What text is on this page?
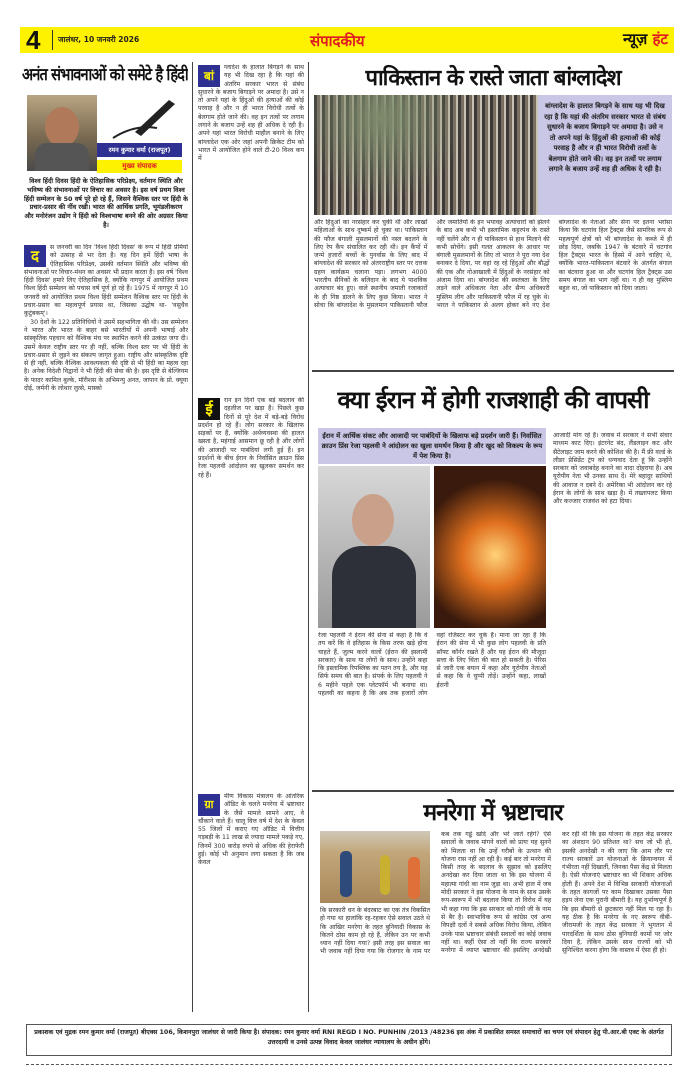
4 जालंधर, 10 जनवरी 2026	संपादकीय	न्यूज़ हंट
अनंत संभावनाओं को समेटे है हिंदी
रमन कुमार वर्मा (राजपूत)
मुख्य संपादक
विश्व हिंदी दिवस हिंदी के ऐतिहासिक परिप्रेक्ष्य, वर्तमान स्थिति और भविष्य की संभावनाओं पर विचार का अवसर है। इस वर्ष प्रथम विश्व हिंदी सम्मेलन के 50 वर्ष पूरे हो रहे हैं, जिसने वैश्विक स्तर पर हिंदी के प्रचार-प्रसार की नींव रखी। भारत की आर्थिक प्रगति, भूमंडलीकरण और मनोरंजन उद्योग ने हिंदी को विश्वभाषा बनने की ओर अग्रसर किया है।
द	स जनवरी का दिन 'विश्व हिंदी दिवस' के रूप में हिंदी प्रेमियों को उत्साह से भर देता है। यह दिन हमें हिंदी भाषा के ऐतिहासिक परिप्रेक्ष्य, उसकी वर्तमान स्थिति और भविष्य की संभावनाओं पर विचार-मंथन का अवसर भी प्रदान करता है। इस वर्ष 'विश्व हिंदी दिवस' हमारे लिए ऐतिहासिक है, क्योंकि नागपुर में आयोजित प्रथम विश्व हिंदी सम्मेलन को पचास वर्ष पूर्ण हो रहे हैं। 1975 में नागपुर में 10 जनवरी को आयोजित प्रथम विश्व हिंदी सम्मेलन वैश्विक स्तर पर हिंदी के प्रचार-प्रसार का महत्वपूर्ण प्रयास था, जिसका उद्घोष था- 'वसुधैव कुटुंबकम्'।
30 देशों के 122 प्रतिनिधियों ने उसमें सहभागिता की थी। उस सम्मेलन ने भारत और भारत के बाहर बसे भारतीयों में अपनी भाषाई और सांस्कृतिक पहचान को वैश्विक मंच पर स्थापित करने की उत्कंठा जगा दी। उसमें केवल राष्ट्रीय स्तर पर ही नहीं, बल्कि विश्व स्तर पर भी हिंदी के प्रचार-प्रसार से जुड़ने का संकल्प जागृत हुआ। राष्ट्रीय और सांस्कृतिक दृष्टि से ही नहीं, बल्कि वैश्विक आवश्यकता की दृष्टि से भी हिंदी का महत्व रहा है। अनेक विदेशी विद्वानों ने भी हिंदी की सेवा की है। इस दृष्टि से बेल्जियम के फादर कामिल बुल्के, मॉरीशस के अभिमन्यु अनत, जापान के प्रो. क्यूया दोई, जर्मनी के लोथार लुत्से, मास्को
बां
ग्लादेश के हालात बिगड़ने के साथ यह भी दिख रहा है कि यहां की अंतरिम सरकार भारत से संबंध सुधारने के बजाय बिगाड़ने पर अमादा है। उसे न तो अपने यहां के हिंदुओं की हत्याओं की कोई परवाह है और न ही भारत विरोधी तत्वों के बेलगाम होते जाने की। वह इन तत्वों पर लगाम लगाने के बजाय उन्हें शह ही अधिक दे रही है। अपने यहां भारत विरोधी माहौल बनाने के लिए बांग्लादेश एक ओर जहां अपनी क्रिकेट टीम को भारत में आयोजित होने वाले टी-20 विश्व कप में
ई	रान इन दिनों एक बड़े बदलाव की दहलीज पर खड़ा है। पिछले कुछ दिनों से पूरे देश में बड़े-बड़े विरोध प्रदर्शन हो रहे हैं। लोग सरकार के खिलाफ सड़कों पर हैं, क्योंकि अर्थव्यवस्था की हालत खस्ता है, महंगाई आसमान छू रही है और लोगों की आजादी पर पाबंदियां लगी हुई हैं। इन प्रदर्शनों के बीच ईरान के निर्वासित क्राउन प्रिंस रेजा पहलवी आंदोलन का खुलकर समर्थन कर रहे हैं।
ग्रा
मीण विकास मंत्रालय के आंतरिक ऑडिट के चलते मनरेगा में भ्रष्टाचार के जैसे मामले सामने आए, वे चौंकाने वाले हैं। चालू वित्त वर्ष में देश के केवल 55 जिलों में कराए गए ऑडिट में वित्तीय गड़बड़ी के 11 लाख से ज्यादा मामले पकड़े गए, जिनमें 300 करोड़ रुपये से अधिक की हेराफेरी हुई। कोई भी अनुमान लगा सकता है कि जब केवल
पाकिस्तान के रास्ते जाता बांग्लादेश
बांग्लादेश के हालात बिगड़ने के साथ यह भी दिख रहा है कि यहां की अंतरिम सरकार भारत से संबंध सुधारने के बजाय बिगाड़ने पर अमादा है। उसे न तो अपने यहां के हिंदुओं की हत्याओं की कोई परवाह है और न ही भारत विरोधी तत्वों के बेलगाम होते जाने की। वह इन तत्वों पर लगाम लगाने के बजाय उन्हें शह ही अधिक दे रही है।
और हिंदुओं का नरसंहार कर चुकी थी और लाखों महिलाओं के साथ दुष्कर्म हो चुका था। पाकिस्तान की फौज बंगाली मुसलमानों की नस्ल बदलने के लिए रेप कैंप संचालित कर रही थी। इन कैंपों में जन्मे हजारों बच्चों के पुनर्वास के लिए बाद में बांग्लादेश की सरकार को अंतरराष्ट्रीय स्तर पर दत्तक ग्रहण कार्यक्रम चलाना पड़ा। लगभग 4000 भारतीय सैनिकों के बलिदान के बाद ये पाशविक अत्याचार बंद हुए। वाले स्थानीय जमाती रजाकारों के ही निष्ठ डालने के लिए कुछ किया। भारत ने सोचा कि बांग्लादेश के मुसलमान पाकिस्तानी फौज और जमातियों के इन भयावह अत्याचारों को झेलने के बाद अब कभी भी इस्लामिक कट्टरपंथ के रास्ते नहीं चलेंगे और न ही पाकिस्तान से हाथ मिलाने की कभी सोचेंगे। इसी गलत आकलन के आधार पर बंगाली मुसलमानों के लिए तो भारत ने पूरा नया देश बनाकर दे दिया, पर वहां रह रहे हिंदुओं और बौद्धों की एक और नोआखाली में हिंदुओं के नरसंहार को अंजाम दिया था। बांग्लादेश की स्वतंत्रता के लिए लड़ने वाले अधिकतर नेता और सैन्य अधिकारी मुस्लिम लीग और पाकिस्तानी फौज में रह चुके थे। भारत ने पाकिस्तान से अलग होकर बने नए देश बांग्लादेश के नेताओं और सेना पर इतना भरोसा किया कि चटगांव हिल ट्रैक्ट्स जैसे सामरिक रूप से महत्वपूर्ण क्षेत्रों को भी बांग्लादेश के कब्जे में ही छोड़ दिया, जबकि 1947 के बंटवारे में चटगांव हिल ट्रैक्ट्स भारत के हिस्से में आने चाहिए थे, क्योंकि भारत-पाकिस्तान बंटवारे के अंतर्गत बंगाल का बंटवारा हुआ था और चटगांव हिल ट्रैक्ट्स उस समय बंगाल का भाग नहीं था। न ही वह मुस्लिम बहुल था, जो पाकिस्तान को दिया जाता।
क्या ईरान में होगी राजशाही की वापसी
ईरान में आर्थिक संकट और आजादी पर पाबंदियों के खिलाफ बड़े प्रदर्शन जारी हैं। निर्वासित क्राउन प्रिंस रेजा पहलवी ने आंदोलन का खुला समर्थन किया है और खुद को विकल्प के रूप में पेश किया है।
रेजा पहलवी ने ईरान की सेना से कहा है कि वे तय करें कि वे इतिहास के किस तरफ खड़े होना चाहते हैं, जुल्म करने वालों (ईरान की इस्लामी सरकार) के साथ या लोगों के साथ। उन्होंने कहा कि इस्लामिक रिपब्लिक का पतन तय है, और यह सिर्फ समय की बात है। संपर्क के लिए पहलवी ने 6 महीने पहले एक प्लेटफॉर्म भी बनाया था। पहलवी का कहना है कि अब तक हजारों लोग वहां रजिस्टर कर चुके हैं। माना जा रहा है कि ईरान की सेना में भी कुछ लोग पहलवी के प्रति सॉफ्ट कॉर्नर रखते हैं और यह ईरान की मौजूदा सत्ता के लिए चिंता की बात हो सकती है। पेरिस से जारी एक बयान में कहा और यूरोपीय नेताओं से कहा कि वे चुप्पी तोड़ें। उन्होंने कहा, लाखों ईरानी
आजादी मांग रहे हैं। जवाब में सरकार ने सभी संचार माध्यम काट दिए। इंटरनेट बंद, लैंडलाइन कट और सैटेलाइट जाम करने की कोशिश की है। मैं फ्री वर्ल्ड के लीडर प्रेसिडेंट ट्रंप को धन्यवाद देता हूं कि उन्होंने सरकार को जवाबदेह बनाने का वादा दोहराया है। अब यूरोपीय नेता भी उनका साथ दें। मेरे बहादुर साथियों की आवाज न दबने दें। अमेरिका भी आंदोलन कर रहे ईरान के लोगों के साथ खड़ा है। में तख्तापलट किया और कज्जार राजवंश को हटा दिया।
मनरेगा में भ्रष्टाचार
कि सरकारी धन के बंदरबाट का एक तंत्र विकसित हो गया था हालांकि रह-रहकर ऐसे सवाल उठते थे कि आखिर मनरेगा के तहत बुनियादी विकास के कितने ठोस काम हो रहे हैं, लेकिन उन पर कभी ध्यान नहीं दिया गया? इसी तरह इस सवाल का भी जवाब नहीं दिया गया कि रोजगार के नाम पर कब तक गड्ढे खोदे और भरे जाते रहेंगे? ऐसे सवालों के जवाब मांगने वालों को प्रायः यह सुनने को मिलता था कि उन्हें गरीबों के उत्थान की योजना रास नहीं आ रही है। कई बार तो मनरेगा में किसी तरह के बदलाव के सुझाव को इसलिए अनदेखा कर दिया जाता था कि इस योजना में महात्मा गांधी का नाम जुड़ा था। अभी हाल में जब मोदी सरकार ने इस योजना के नाम के साथ उसके रूप-स्वरूप में भी बदलाव किया तो विरोध में यह भी कहा गया कि इस सरकार को गांधी जी के नाम से बैर है। स्वाभाविक रूप से कांग्रेस एवं अन्य विपक्षी दलों ने सबसे अधिक विरोध किया, लेकिन उनके पास भ्रष्टाचार संबंधी सवालों का कोई जवाब नहीं था। कहीं ऐसा तो नहीं कि राज्य सरकारें मनरेगा में व्याप्त भ्रष्टाचार की इसलिए अनदेखी कर रही थीं कि इस योजना के तहत केंद्र सरकार का अंशदान 90 प्रतिशत था? सच जो भी हो, इसकी अनदेखी न की जाए कि आम तौर पर राज्य सरकारें उन योजनाओं के क्रियान्वयन में गंभीरता नहीं दिखातीं, जिनका पैसा केंद्र से मिलता है। ऐसी योजनाएं भ्रष्टाचार का भी शिकार अधिक होती हैं। अपने देश में विभिन्न सरकारी योजनाओं के तहत कागजों पर काम दिखाकर उसका पैसा हड़प लेना एक पुरानी बीमारी है। यह दुर्भाग्यपूर्ण है कि इस बीमारी से छुटकारा नहीं मिल पा रहा है। यह ठीक है कि मनरेगा के नए स्वरूप वीबी-जीरामजी के तहत केंद्र सरकार ने भुगतान में पारदर्शिता के साथ ठोस बुनियादी कामों पर जोर दिया है, लेकिन उसके साथ राज्यों को भी सुनिश्चित करना होगा कि वास्तव में ऐसा ही हो।
प्रकाशक एवं मुद्रक रमन कुमार वर्मा (राजपूत) बीएक्स 106, किशनपुरा जालंधर से जारी किया है। संपादक: रमन कुमार वर्मा RNI REGD I NO. PUNHIN /2013 /48236 इस अंक में प्रकाशित समस्त समाचारों का चयन एवं संपादन हेतु पी.आर.बी एक्ट के अंतर्गत उत्तरदायी व उनसे उत्पन्न विवाद केवल जालंधर न्यायालय के अधीन होंगे।
